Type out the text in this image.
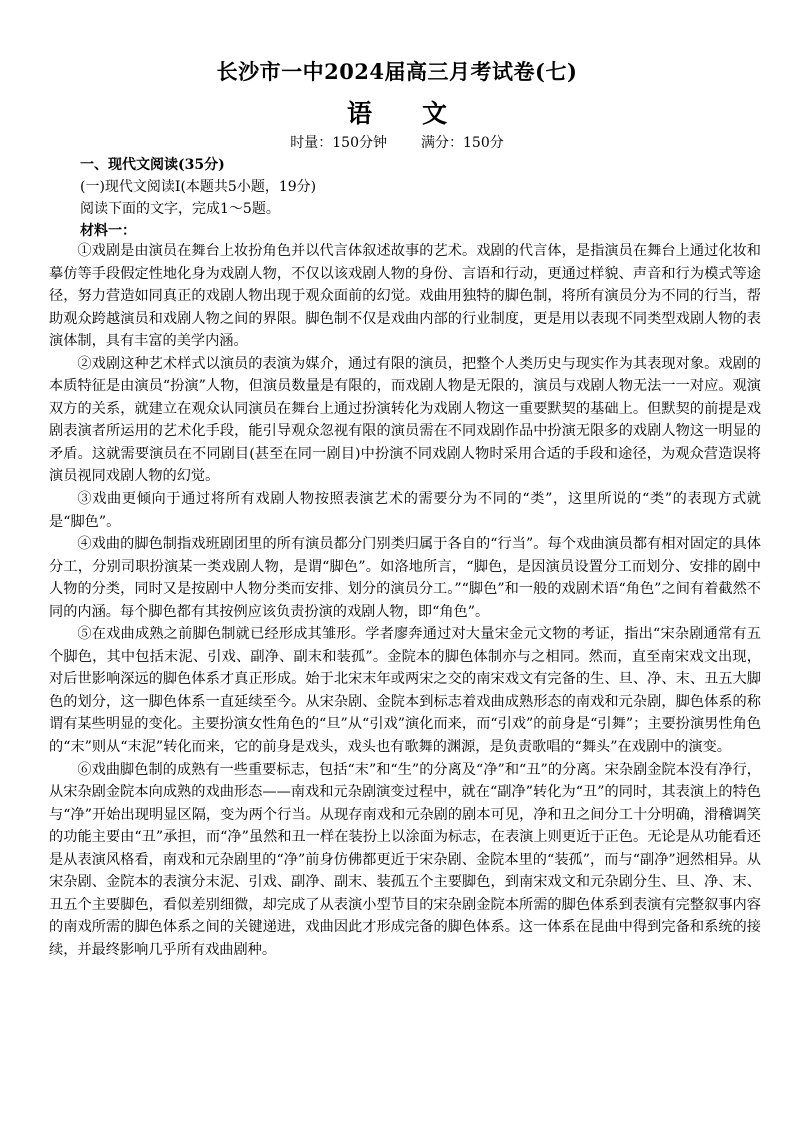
长沙市一中2024届高三月考试卷(七)
语 文
时量：150分钟 满分：150分
一、现代文阅读(35分)
(一)现代文阅读Ⅰ(本题共5小题，19分)
阅读下面的文字，完成1～5题。
材料一：

①戏剧是由演员在舞台上妆扮角色并以代言体叙述故事的艺术。戏剧的代言体，是指演员在舞台上通过化妆和摹仿等手段假定性地化身为戏剧人物，不仅以该戏剧人物的身份、言语和行动，更通过样貌、声音和行为模式等途径，努力营造如同真正的戏剧人物出现于观众面前的幻觉。戏曲用独特的脚色制，将所有演员分为不同的行当，帮助观众跨越演员和戏剧人物之间的界限。脚色制不仅是戏曲内部的行业制度，更是用以表现不同类型戏剧人物的表演体制，具有丰富的美学内涵。

②戏剧这种艺术样式以演员的表演为媒介，通过有限的演员，把整个人类历史与现实作为其表现对象。戏剧的本质特征是由演员“扮演”人物，但演员数量是有限的，而戏剧人物是无限的，演员与戏剧人物无法一一对应。观演双方的关系，就建立在观众认同演员在舞台上通过扮演转化为戏剧人物这一重要默契的基础上。但默契的前提是戏剧表演者所运用的艺术化手段，能引导观众忽视有限的演员需在不同戏剧作品中扮演无限多的戏剧人物这一明显的矛盾。这就需要演员在不同剧目(甚至在同一剧目)中扮演不同戏剧人物时采用合适的手段和途径，为观众营造误将演员视同戏剧人物的幻觉。

③戏曲更倾向于通过将所有戏剧人物按照表演艺术的需要分为不同的“类”，这里所说的“类”的表现方式就是“脚色”。

④戏曲的脚色制指戏班剧团里的所有演员都分门别类归属于各自的“行当”。每个戏曲演员都有相对固定的具体分工，分别司职扮演某一类戏剧人物，是谓“脚色”。如洛地所言，“脚色，是因演员设置分工而划分、安排的剧中人物的分类，同时又是按剧中人物分类而安排、划分的演员分工。”“脚色”和一般的戏剧术语“角色”之间有着截然不同的内涵。每个脚色都有其按例应该负责扮演的戏剧人物，即“角色”。

⑤在戏曲成熟之前脚色制就已经形成其雏形。学者廖奔通过对大量宋金元文物的考证，指出“宋杂剧通常有五个脚色，其中包括末泥、引戏、副净、副末和装孤”。金院本的脚色体制亦与之相同。然而，直至南宋戏文出现，对后世影响深远的脚色体系才真正形成。始于北宋末年或两宋之交的南宋戏文有完备的生、旦、净、末、丑五大脚色的划分，这一脚色体系一直延续至今。从宋杂剧、金院本到标志着戏曲成熟形态的南戏和元杂剧，脚色体系的称谓有某些明显的变化。主要扮演女性角色的“旦”从“引戏”演化而来，而“引戏”的前身是“引舞”；主要扮演男性角色的“末”则从“末泥”转化而来，它的前身是戏头，戏头也有歌舞的渊源，是负责歌唱的“舞头”在戏剧中的演变。

⑥戏曲脚色制的成熟有一些重要标志，包括“末”和“生”的分离及“净”和“丑”的分离。宋杂剧金院本没有净行，从宋杂剧金院本向成熟的戏曲形态——南戏和元杂剧演变过程中，就在“副净”转化为“丑”的同时，其表演上的特色与“净”开始出现明显区隔，变为两个行当。从现存南戏和元杂剧的剧本可见，净和丑之间分工十分明确，滑稽调笑的功能主要由“丑”承担，而“净”虽然和丑一样在装扮上以涂面为标志，在表演上则更近于正色。无论是从功能看还是从表演风格看，南戏和元杂剧里的“净”前身仿佛都更近于宋杂剧、金院本里的“装孤”，而与“副净”迥然相异。从宋杂剧、金院本的表演分末泥、引戏、副净、副末、装孤五个主要脚色，到南宋戏文和元杂剧分生、旦、净、末、丑五个主要脚色，看似差别细微，却完成了从表演小型节目的宋杂剧金院本所需的脚色体系到表演有完整叙事内容的南戏所需的脚色体系之间的关键递进，戏曲因此才形成完备的脚色体系。这一体系在昆曲中得到完备和系统的接续，并最终影响几乎所有戏曲剧种。
